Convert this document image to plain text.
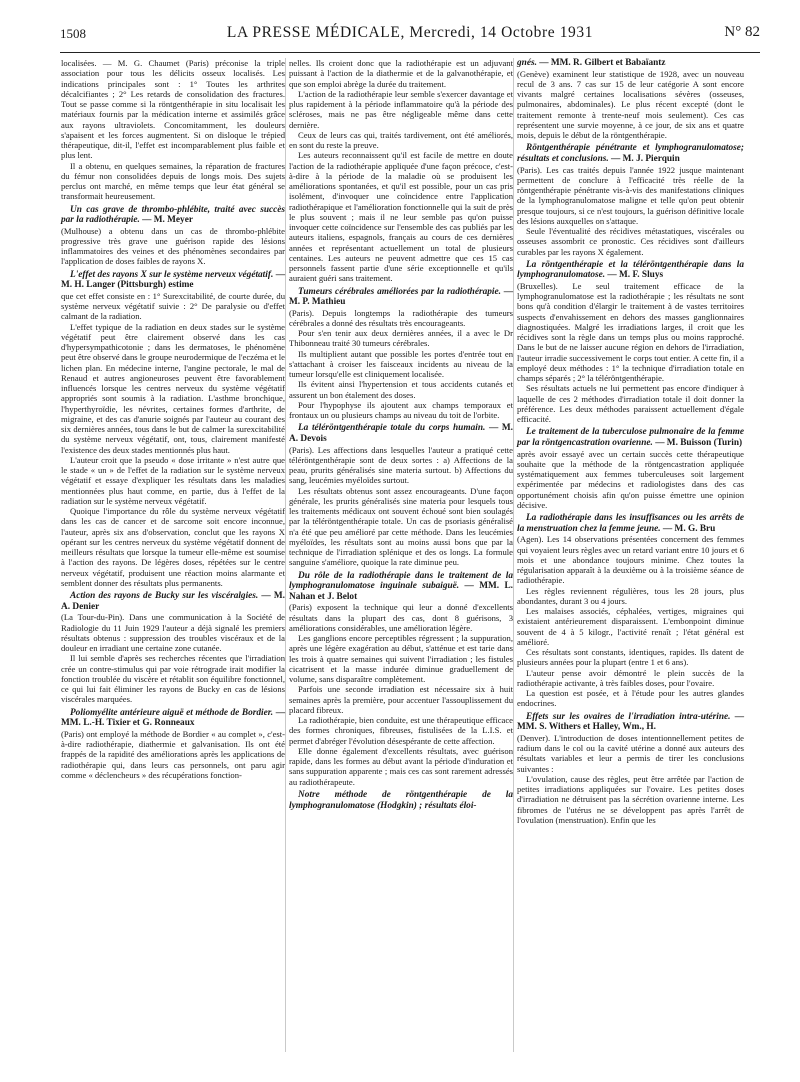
1508	LA PRESSE MÉDICALE, Mercredi, 14 Octobre 1931	N° 82

localisées. — M. G. Chaumet (Paris) préconise la triple association pour tous les délicits osseux localisés. Les indications principales sont : 1° Toutes les arthrites décalcifiantes ; 2° Les retards de consolidation des fractures. Tout se passe comme si la röntgenthérapie in situ localisait les matériaux fournis par la médication interne et assimilés grâce aux rayons ultraviolets. Concomitamment, les douleurs s'apaisent et les forces augmentent. Si on disloque le trépied thérapeutique, dit-il, l'effet est incomparablement plus faible et plus lent.

Il a obtenu, en quelques semaines, la réparation de fractures du fémur non consolidées depuis de longs mois. Des sujets perclus ont marché, en même temps que leur état général se transformait heureusement.

Un cas grave de thrombo-phlébite, traité avec succès par la radiothérapie. — M. Meyer

(Mulhouse) a obtenu dans un cas de thrombo-phlébite progressive très grave une guérison rapide des lésions inflammatoires des veines et des phénomènes secondaires par l'application de doses faibles de rayons X.

L'effet des rayons X sur le système nerveux végétatif. — M. H. Langer (Pittsburgh) estime

que cet effet consiste en : 1° Surexcitabilité, de courte durée, du système nerveux végétatif suivie : 2° De paralysie ou d'effet calmant de la radiation.

L'effet typique de la radiation en deux stades sur le système végétatif peut être clairement observé dans les cas d'hypersympathicotonie ; dans les dermatoses, le phénomène peut être observé dans le groupe neurodermique de l'eczéma et le lichen plan. En médecine interne, l'angine pectorale, le mal de Renaud et autres angioneuroses peuvent être favorablement influencés lorsque les centres nerveux du système végétatif appropriés sont soumis à la radiation. L'asthme bronchique, l'hyperthyroïdie, les névrites, certaines formes d'arthrite, de migraine, et des cas d'anurie soignés par l'auteur au courant des six dernières années, tous dans le but de calmer la surexcitabilité du système nerveux végétatif, ont, tous, clairement manifesté l'existence des deux stades mentionnés plus haut.

L'auteur croit que la pseudo « dose irritante » n'est autre que le stade « un » de l'effet de la radiation sur le système nerveux végétatif et essaye d'expliquer les résultats dans les maladies mentionnées plus haut comme, en partie, dus à l'effet de la radiation sur le système nerveux végétatif.

Quoique l'importance du rôle du système nerveux végétatif dans les cas de cancer et de sarcome soit encore inconnue, l'auteur, après six ans d'observation, conclut que les rayons X opérant sur les centres nerveux du système végétatif donnent de meilleurs résultats que lorsque la tumeur elle-même est soumise à l'action des rayons. De légères doses, répétées sur le centre nerveux végétatif, produisent une réaction moins alarmante et semblent donner des résultats plus permanents.

Action des rayons de Bucky sur les viscéralgies. — M. A. Denier

(La Tour-du-Pin). Dans une communication à la Société de Radiologie du 11 Juin 1929 l'auteur a déjà signalé les premiers résultats obtenus : suppression des troubles viscéraux et de la douleur en irradiant une certaine zone cutanée.

Il lui semble d'après ses recherches récentes que l'irradiation crée un contre-stimulus qui par voie rétrograde irait modifier la fonction troublée du viscère et rétablit son équilibre fonctionnel, ce qui lui fait éliminer les rayons de Bucky en cas de lésions viscérales marquées.

Poliomyélite antérieure aiguë et méthode de Bordier. — MM. L.-H. Tixier et G. Ronneaux

(Paris) ont employé la méthode de Bordier « au complet », c'est-à-dire radiothérapie, diathermie et galvanisation. Ils ont été frappés de la rapidité des améliorations après les applications de radiothérapie qui, dans leurs cas personnels, ont paru agir comme « déclencheurs » des récupérations fonction-

nelles. Ils croient donc que la radiothérapie est un adjuvant puissant à l'action de la diathermie et de la galvanothérapie, et que son emploi abrège la durée du traitement.

L'action de la radiothérapie leur semble s'exercer davantage et plus rapidement à la période inflammatoire qu'à la période des scléroses, mais ne pas être négligeable même dans cette dernière.

Ceux de leurs cas qui, traités tardivement, ont été améliorés, en sont du reste la preuve.

Les auteurs reconnaissent qu'il est facile de mettre en doute l'action de la radiothérapie appliquée d'une façon précoce, c'est-à-dire à la période de la maladie où se produisent les améliorations spontanées, et qu'il est possible, pour un cas pris isolément, d'invoquer une coïncidence entre l'application radiothérapique et l'amélioration fonctionnelle qui la suit de près le plus souvent ; mais il ne leur semble pas qu'on puisse invoquer cette coïncidence sur l'ensemble des cas publiés par les auteurs italiens, espagnols, français au cours de ces dernières années et représentant actuellement un total de plusieurs centaines. Les auteurs ne peuvent admettre que ces 15 cas personnels fassent partie d'une série exceptionnelle et qu'ils auraient guéri sans traitement.

Tumeurs cérébrales améliorées par la radiothérapie. — M. P. Mathieu

(Paris). Depuis longtemps la radiothérapie des tumeurs cérébrales a donné des résultats très encourageants.

Pour s'en tenir aux deux dernières années, il a avec le Dr Thibonneau traité 30 tumeurs cérébrales.

Ils multiplient autant que possible les portes d'entrée tout en s'attachant à croiser les faisceaux incidents au niveau de la tumeur lorsqu'elle est cliniquement localisée.

Ils évitent ainsi l'hypertension et tous accidents cutanés et assurent un bon étalement des doses.

Pour l'hypophyse ils ajoutent aux champs temporaux et frontaux un ou plusieurs champs au niveau du toit de l'orbite.

La téléröntgenthérapie totale du corps humain. — M. A. Devois

(Paris). Les affections dans lesquelles l'auteur a pratiqué cette téléröntgenthérapie sont de deux sortes : a) Affections de la peau, prurits généralisés sine materia surtout. b) Affections du sang, leucémies myéloïdes surtout.

Les résultats obtenus sont assez encourageants. D'une façon générale, les prurits généralisés sine materia pour lesquels tous les traitements médicaux ont souvent échoué sont bien soulagés par la téléröntgenthérapie totale. Un cas de psoriasis généralisé n'a été que peu amélioré par cette méthode. Dans les leucémies myéloïdes, les résultats sont au moins aussi bons que par la technique de l'irradiation splénique et des os longs. La formule sanguine s'améliore, quoique la rate diminue peu.

Du rôle de la radiothérapie dans le traitement de la lymphogranulomatose inguinale subaiguë. — MM. L. Nahan et J. Belot

(Paris) exposent la technique qui leur a donné d'excellents résultats dans la plupart des cas, dont 8 guérisons, 3 améliorations considérables, une amélioration légère.

Les ganglions encore perceptibles régressent ; la suppuration, après une légère exagération au début, s'atténue et est tarie dans les trois à quatre semaines qui suivent l'irradiation ; les fistules cicatrisent et la masse indurée diminue graduellement de volume, sans disparaître complètement.

Parfois une seconde irradiation est nécessaire six à huit semaines après la première, pour accentuer l'assouplissement du placard fibreux.

La radiothérapie, bien conduite, est une thérapeutique efficace des formes chroniques, fibreuses, fistulisées de la L.I.S. et permet d'abréger l'évolution désespérante de cette affection.

Elle donne également d'excellents résultats, avec guérison rapide, dans les formes au début avant la période d'induration et sans suppuration apparente ; mais ces cas sont rarement adressés au radiothérapeute.

Notre méthode de röntgenthérapie de la lymphogranulomatose (Hodgkin) ; résultats éloi-
gnés. — MM. R. Gilbert et Babaïantz

(Genève) examinent leur statistique de 1928, avec un nouveau recul de 3 ans. 7 cas sur 15 de leur catégorie A sont encore vivants malgré certaines localisations sévères (osseuses, pulmonaires, abdominales). Le plus récent excepté (dont le traitement remonte à trente-neuf mois seulement). Ces cas représentent une survie moyenne, à ce jour, de six ans et quatre mois, depuis le début de la röntgenthérapie.

Röntgenthérapie pénétrante et lymphogranulomatose; résultats et conclusions. — M. J. Pierquin

(Paris). Les cas traités depuis l'année 1922 jusque maintenant permettent de conclure à l'efficacité très réelle de la röntgenthérapie pénétrante vis-à-vis des manifestations cliniques de la lymphogranulomatose maligne et telle qu'on peut obtenir presque toujours, si ce n'est toujours, la guérison définitive locale des lésions auxquelles on s'attaque.

Seule l'éventualité des récidives métastatiques, viscérales ou osseuses assombrit ce pronostic. Ces récidives sont d'ailleurs curables par les rayons X également.

La röntgenthérapie et la téléröntgenthérapie dans la lymphogranulomatose. — M. F. Sluys

(Bruxelles). Le seul traitement efficace de la lymphogranulomatose est la radiothérapie ; les résultats ne sont bons qu'à condition d'élargir le traitement à de vastes territoires suspects d'envahissement en dehors des masses ganglionnaires diagnostiquées. Malgré les irradiations larges, il croit que les récidives sont la règle dans un temps plus ou moins rapproché. Dans le but de ne laisser aucune région en dehors de l'irradiation, l'auteur irradie successivement le corps tout entier. A cette fin, il a employé deux méthodes : 1° la technique d'irradiation totale en champs séparés ; 2° la téléröntgenthérapie.

Ses résultats actuels ne lui permettent pas encore d'indiquer à laquelle de ces 2 méthodes d'irradiation totale il doit donner la préférence. Les deux méthodes paraissent actuellement d'égale efficacité.

Le traitement de la tuberculose pulmonaire de la femme par la röntgencastration ovarienne. — M. Buisson (Turin)

après avoir essayé avec un certain succès cette thérapeutique souhaite que la méthode de la röntgencastration appliquée systématiquement aux femmes tuberculeuses soit largement expérimentée par médecins et radiologistes dans des cas opportunément choisis afin qu'on puisse émettre une opinion décisive.

La radiothérapie dans les insuffisances ou les arrêts de la menstruation chez la femme jeune. — M. G. Bru

(Agen). Les 14 observations présentées concernent des femmes qui voyaient leurs règles avec un retard variant entre 10 jours et 6 mois et une abondance toujours minime. Chez toutes la régularisation apparaît à la deuxième ou à la troisième séance de radiothérapie.

Les règles reviennent régulières, tous les 28 jours, plus abondantes, durant 3 ou 4 jours.

Les malaises associés, céphalées, vertiges, migraines qui existaient antérieurement disparaissent. L'embonpoint diminue souvent de 4 à 5 kilogr., l'activité renaît ; l'état général est amélioré.

Ces résultats sont constants, identiques, rapides. Ils datent de plusieurs années pour la plupart (entre 1 et 6 ans).

L'auteur pense avoir démontré le plein succès de la radiothérapie activante, à très faibles doses, pour l'ovaire.

La question est posée, et à l'étude pour les autres glandes endocrines.

Effets sur les ovaires de l'irradiation intra-utérine. — MM. S. Withers et Halley, Wm., H.

(Denver). L'introduction de doses intentionnellement petites de radium dans le col ou la cavité utérine a donné aux auteurs des résultats variables et leur a permis de tirer les conclusions suivantes :

L'ovulation, cause des règles, peut être arrêtée par l'action de petites irradiations appliquées sur l'ovaire. Les petites doses d'irradiation ne détruisent pas la sécrétion ovarienne interne. Les fibromes de l'utérus ne se développent pas après l'arrêt de l'ovulation (menstruation). Enfin que les
